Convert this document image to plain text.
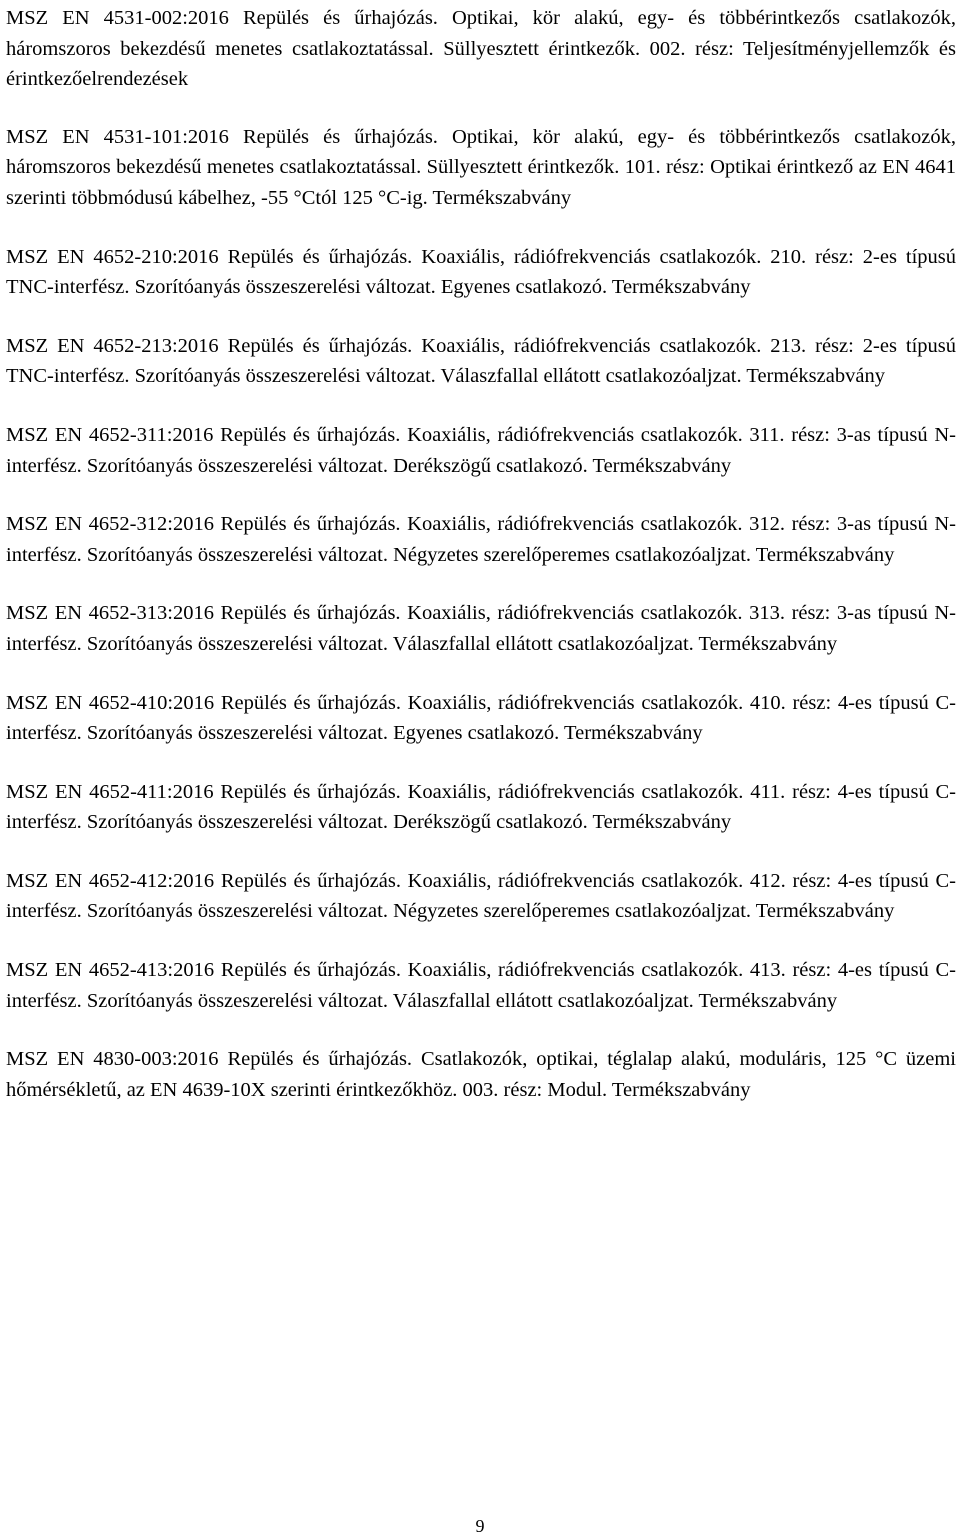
MSZ EN 4531-002:2016 Repülés és űrhajózás. Optikai, kör alakú, egy- és többérintkezős csatlakozók, háromszoros bekezdésű menetes csatlakoztatással. Süllyesztett érintkezők. 002. rész: Teljesítményjellemzők és érintkezőelrendezések

MSZ EN 4531-101:2016 Repülés és űrhajózás. Optikai, kör alakú, egy- és többérintkezős csatlakozók, háromszoros bekezdésű menetes csatlakoztatással. Süllyesztett érintkezők. 101. rész: Optikai érintkező az EN 4641 szerinti többmódusú kábelhez, -55 °Ctól 125 °C-ig. Termékszabvány

MSZ EN 4652-210:2016 Repülés és űrhajózás. Koaxiális, rádiófrekvenciás csatlakozók. 210. rész: 2-es típusú TNC-interfész. Szorítóanyás összeszerelési változat. Egyenes csatlakozó. Termékszabvány

MSZ EN 4652-213:2016 Repülés és űrhajózás. Koaxiális, rádiófrekvenciás csatlakozók. 213. rész: 2-es típusú TNC-interfész. Szorítóanyás összeszerelési változat. Válaszfallal ellátott csatlakozóaljzat. Termékszabvány

MSZ EN 4652-311:2016 Repülés és űrhajózás. Koaxiális, rádiófrekvenciás csatlakozók. 311. rész: 3-as típusú N-interfész. Szorítóanyás összeszerelési változat. Derékszögű csatlakozó. Termékszabvány

MSZ EN 4652-312:2016 Repülés és űrhajózás. Koaxiális, rádiófrekvenciás csatlakozók. 312. rész: 3-as típusú N-interfész. Szorítóanyás összeszerelési változat. Négyzetes szerelőperemes csatlakozóaljzat. Termékszabvány

MSZ EN 4652-313:2016 Repülés és űrhajózás. Koaxiális, rádiófrekvenciás csatlakozók. 313. rész: 3-as típusú N-interfész. Szorítóanyás összeszerelési változat. Válaszfallal ellátott csatlakozóaljzat. Termékszabvány

MSZ EN 4652-410:2016 Repülés és űrhajózás. Koaxiális, rádiófrekvenciás csatlakozók. 410. rész: 4-es típusú C-interfész. Szorítóanyás összeszerelési változat. Egyenes csatlakozó. Termékszabvány

MSZ EN 4652-411:2016 Repülés és űrhajózás. Koaxiális, rádiófrekvenciás csatlakozók. 411. rész: 4-es típusú C-interfész. Szorítóanyás összeszerelési változat. Derékszögű csatlakozó. Termékszabvány

MSZ EN 4652-412:2016 Repülés és űrhajózás. Koaxiális, rádiófrekvenciás csatlakozók. 412. rész: 4-es típusú C-interfész. Szorítóanyás összeszerelési változat. Négyzetes szerelőperemes csatlakozóaljzat. Termékszabvány

MSZ EN 4652-413:2016 Repülés és űrhajózás. Koaxiális, rádiófrekvenciás csatlakozók. 413. rész: 4-es típusú C-interfész. Szorítóanyás összeszerelési változat. Válaszfallal ellátott csatlakozóaljzat. Termékszabvány

MSZ EN 4830-003:2016 Repülés és űrhajózás. Csatlakozók, optikai, téglalap alakú, moduláris, 125 °C üzemi hőmérsékletű, az EN 4639-10X szerinti érintkezőkhöz. 003. rész: Modul. Termékszabvány

9
